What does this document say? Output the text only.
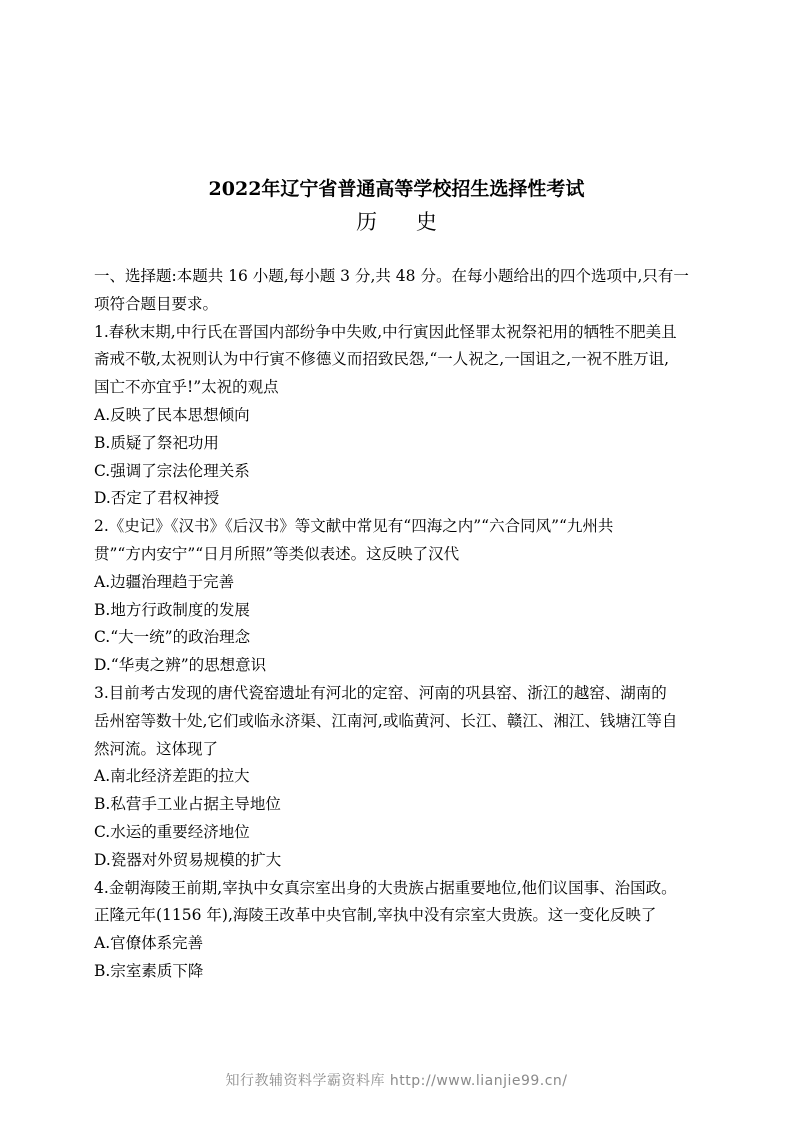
2022年辽宁省普通高等学校招生选择性考试
历 史
一、选择题:本题共 16 小题,每小题 3 分,共 48 分。在每小题给出的四个选项中,只有一
项符合题目要求。
1.春秋末期,中行氏在晋国内部纷争中失败,中行寅因此怪罪太祝祭祀用的牺牲不肥美且
斋戒不敬,太祝则认为中行寅不修德义而招致民怨,“一人祝之,一国诅之,一祝不胜万诅,
国亡不亦宜乎!”太祝的观点
A.反映了民本思想倾向
B.质疑了祭祀功用
C.强调了宗法伦理关系
D.否定了君权神授
2.《史记》《汉书》《后汉书》等文献中常见有“四海之内”“六合同风”“九州共
贯”“方内安宁”“日月所照”等类似表述。这反映了汉代
A.边疆治理趋于完善
B.地方行政制度的发展
C.“大一统”的政治理念
D.“华夷之辨”的思想意识
3.目前考古发现的唐代瓷窑遗址有河北的定窑、河南的巩县窑、浙江的越窑、湖南的
岳州窑等数十处,它们或临永济渠、江南河,或临黄河、长江、赣江、湘江、钱塘江等自
然河流。这体现了
A.南北经济差距的拉大
B.私营手工业占据主导地位
C.水运的重要经济地位
D.瓷器对外贸易规模的扩大
4.金朝海陵王前期,宰执中女真宗室出身的大贵族占据重要地位,他们议国事、治国政。
正隆元年(1156 年),海陵王改革中央官制,宰执中没有宗室大贵族。这一变化反映了
A.官僚体系完善
B.宗室素质下降
知行教辅资料学霸资料库 http://www.lianjie99.cn/
